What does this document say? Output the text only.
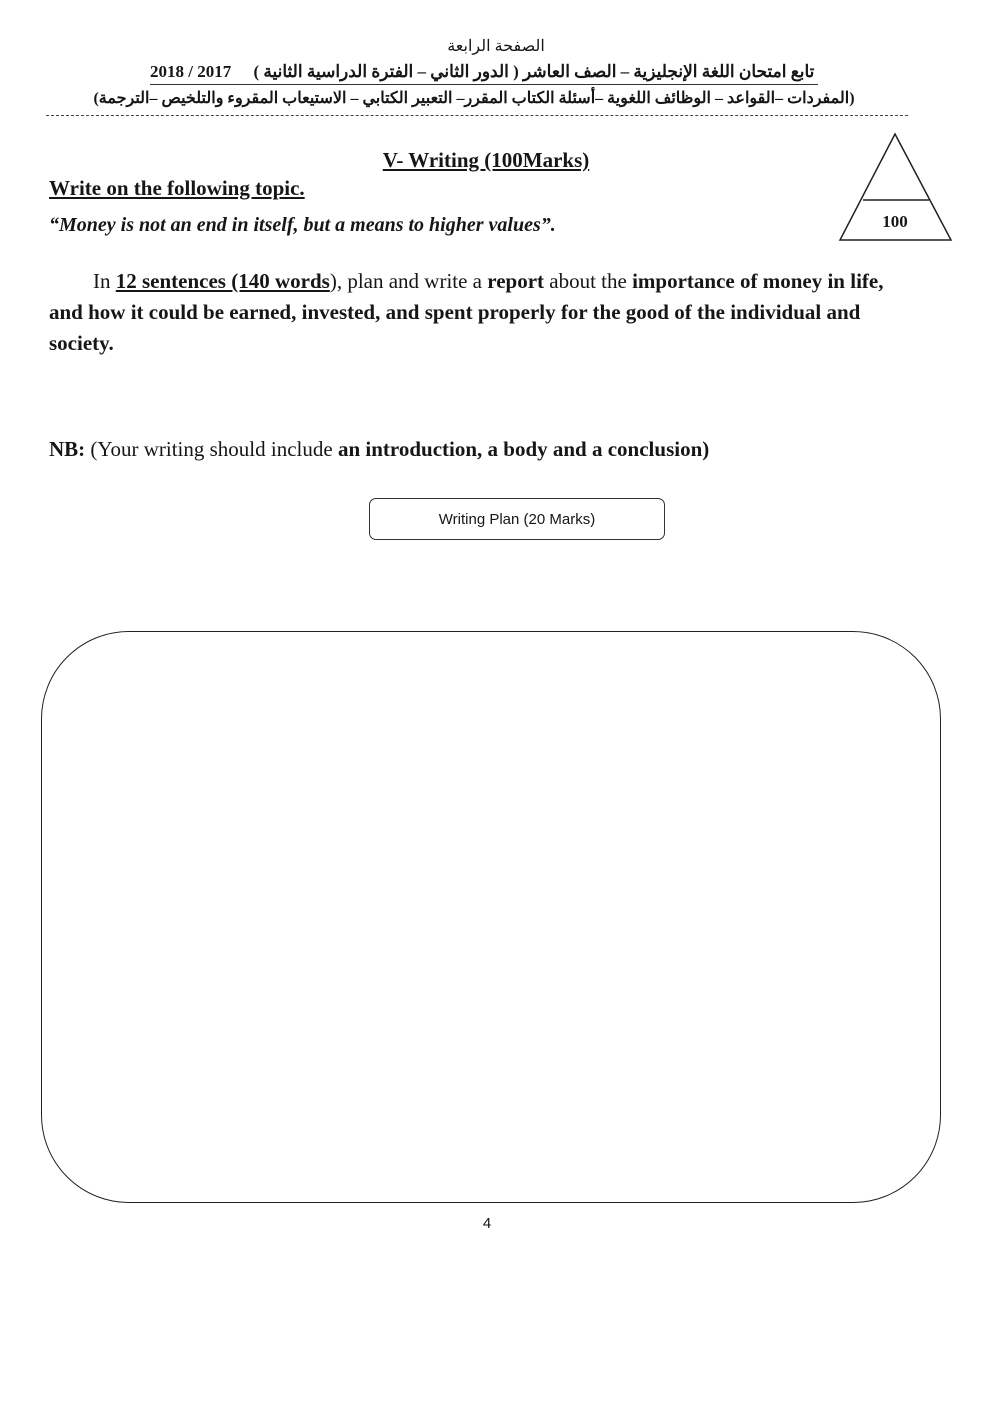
الصفحة الرابعة
2018 / 2017 تابع امتحان اللغة الإنجليزية – الصف العاشر ( الدور الثاني – الفترة الدراسية الثانية )
(المفردات –القواعد – الوظائف اللغوية –أسئلة الكتاب المقرر– التعبير الكتابي – الاستيعاب المقروء والتلخيص –الترجمة)
V- Writing (100Marks)
Write on the following topic.
“Money is not an end in itself, but a means to higher values”.	100
In 12 sentences (140 words), plan and write a report about the importance of money in life, and how it could be earned, invested, and spent properly for the good of the individual and society.
NB: (Your writing should include an introduction, a body and a conclusion)
Writing Plan (20 Marks)
4
